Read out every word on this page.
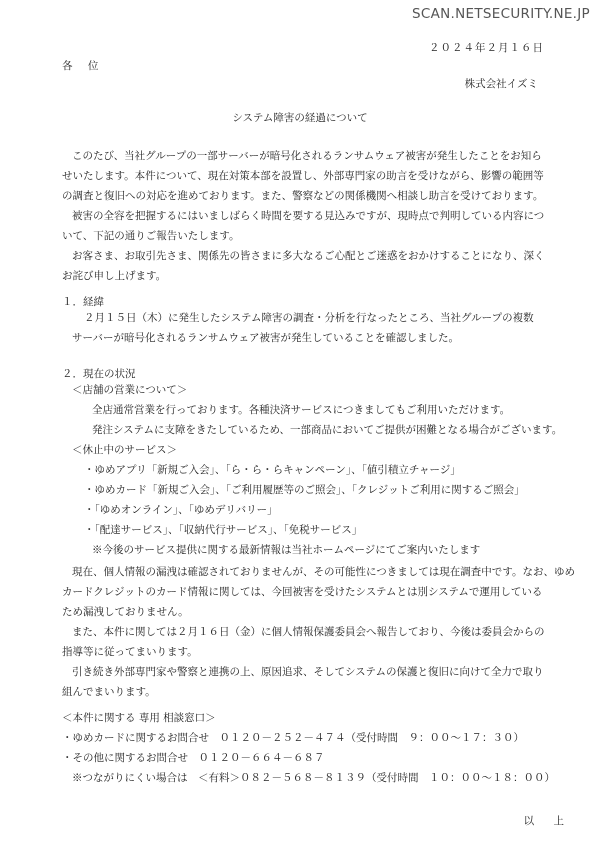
SCAN.NETSECURITY.NE.JP
２０２４年２月１６日
各 位
株式会社イズミ
システム障害の経過について
このたび、当社グループの一部サーバーが暗号化されるランサムウェア被害が発生したことをお知ら
せいたします。本件について、現在対策本部を設置し、外部専門家の助言を受けながら、影響の範囲等
の調査と復旧への対応を進めております。また、警察などの関係機関へ相談し助言を受けております。
被害の全容を把握するにはいましばらく時間を要する見込みですが、現時点で判明している内容につ
いて、下記の通りご報告いたします。
お客さま、お取引先さま、関係先の皆さまに多大なるご心配とご迷惑をおかけすることになり、深く
お詫び申し上げます。
１．経緯
２月１５日（木）に発生したシステム障害の調査・分析を行なったところ、当社グループの複数
サーバーが暗号化されるランサムウェア被害が発生していることを確認しました。
２．現在の状況
＜店舗の営業について＞
全店通常営業を行っております。各種決済サービスにつきましてもご利用いただけます。
発注システムに支障をきたしているため、一部商品においてご提供が困難となる場合がございます。
＜休止中のサービス＞
・ゆめアプリ「新規ご入会」、「ら・ら・らキャンペーン」、「値引積立チャージ」
・ゆめカード「新規ご入会」、「ご利用履歴等のご照会」、「クレジットご利用に関するご照会」
・「ゆめオンライン」、「ゆめデリバリー」
・「配達サービス」、「収納代行サービス」、「免税サービス」
※今後のサービス提供に関する最新情報は当社ホームページにてご案内いたします
現在、個人情報の漏洩は確認されておりませんが、その可能性につきましては現在調査中です。なお、ゆめ
カードクレジットのカード情報に関しては、今回被害を受けたシステムとは別システムで運用している
ため漏洩しておりません。
また、本件に関しては２月１６日（金）に個人情報保護委員会へ報告しており、今後は委員会からの
指導等に従ってまいります。
引き続き外部専門家や警察と連携の上、原因追求、そしてシステムの保護と復旧に向けて全力で取り
組んでまいります。
＜本件に関する 専用 相談窓口＞
・ゆめカードに関するお問合せ　０１２０－２５２－４７４（受付時間　９：００～１７：３０）
・その他に関するお問合せ　０１２０－６６４－６８７
※つながりにくい場合は　＜有料＞０８２－５６８－８１３９（受付時間　１０：００～１８：００）
以 上
